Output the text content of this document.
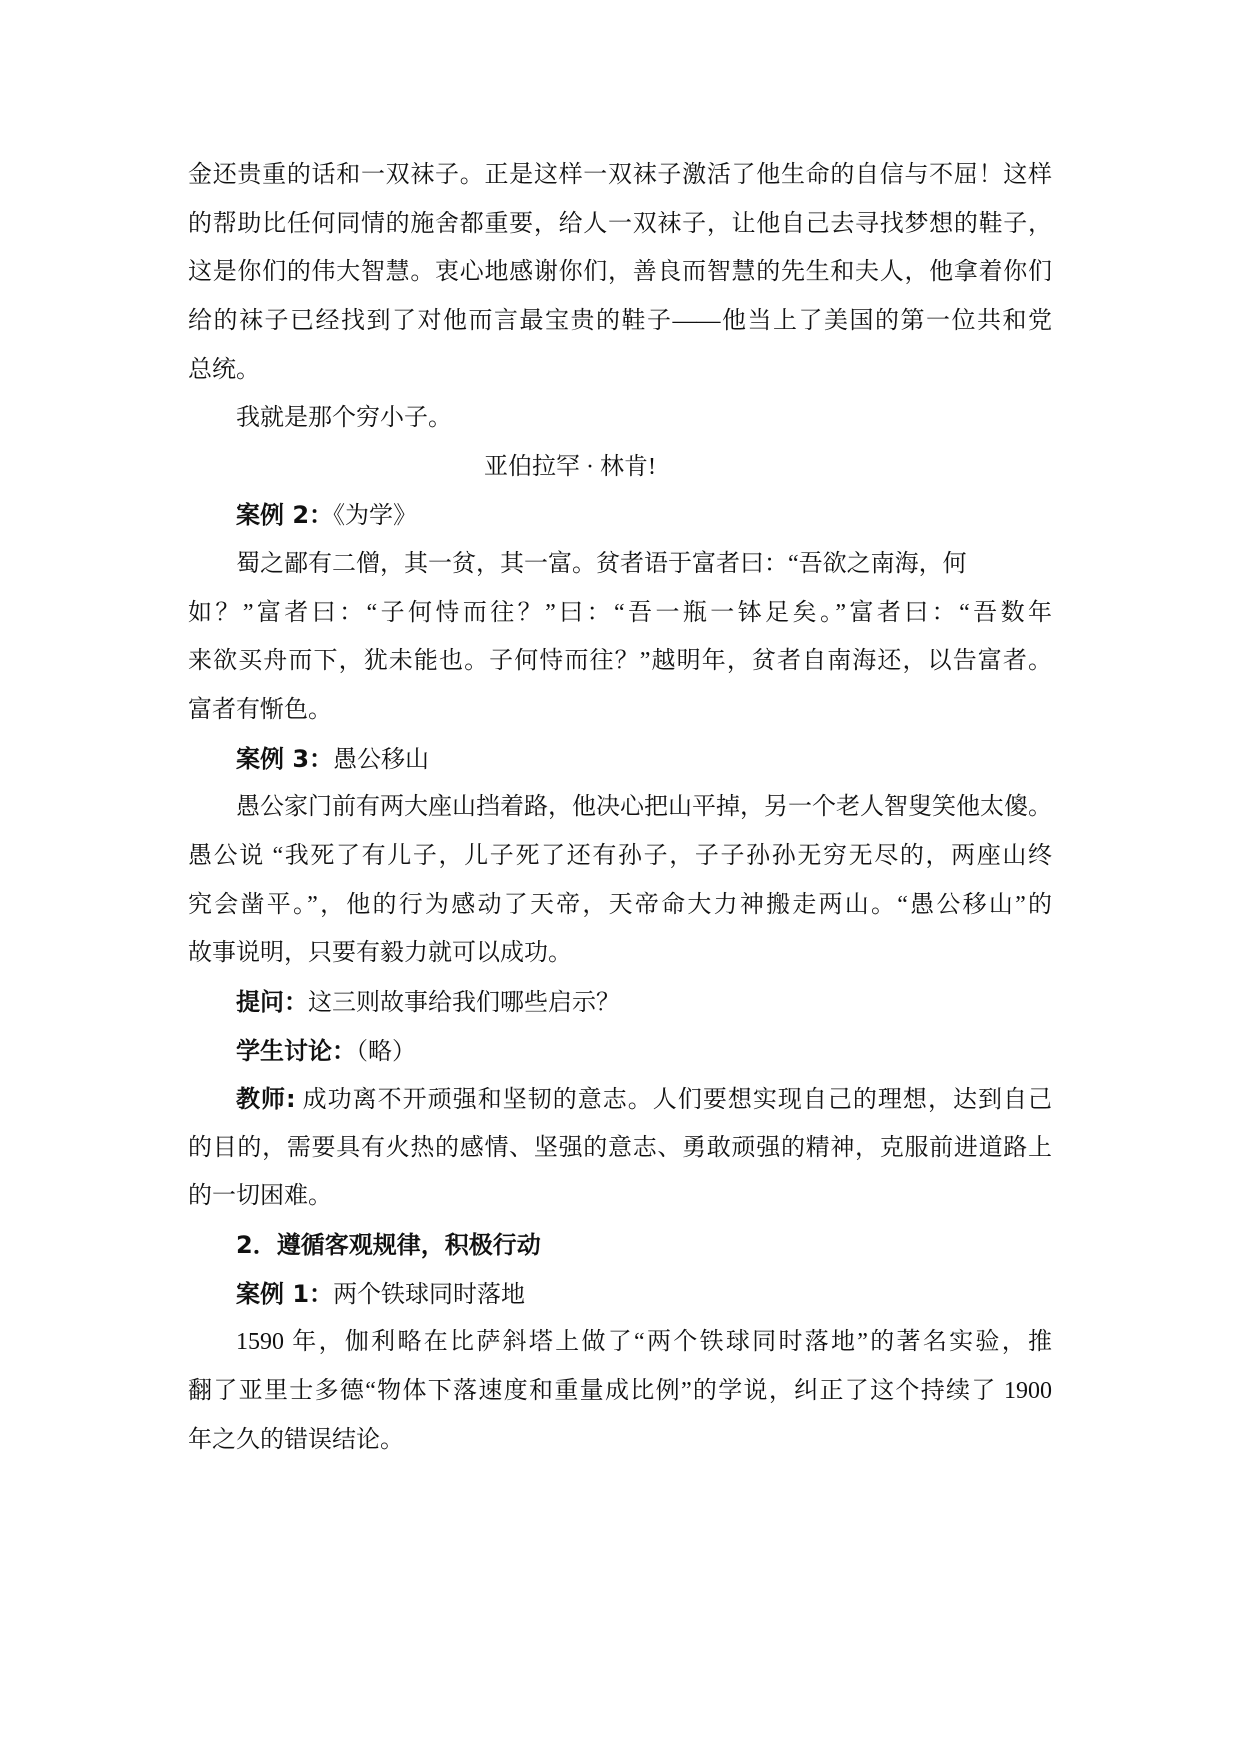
金还贵重的话和一双袜子。正是这样一双袜子激活了他生命的自信与不屈！这样
的帮助比任何同情的施舍都重要，给人一双袜子，让他自己去寻找梦想的鞋子，
这是你们的伟大智慧。衷心地感谢你们，善良而智慧的先生和夫人，他拿着你们
给的袜子已经找到了对他而言最宝贵的鞋子——他当上了美国的第一位共和党
总统。
我就是那个穷小子。
亚伯拉罕 · 林肯!
案例 2：《为学》
蜀之鄙有二僧，其一贫，其一富。贫者语于富者曰：“吾欲之南海，何
如？”富者曰：“子何恃而往？”曰：“吾一瓶一钵足矣。”富者曰：“吾数年
来欲买舟而下，犹未能也。子何恃而往？”越明年，贫者自南海还，以告富者。
富者有惭色。
案例 3：愚公移山
愚公家门前有两大座山挡着路，他决心把山平掉，另一个老人智叟笑他太傻。
愚公说 “我死了有儿子，儿子死了还有孙子，子子孙孙无穷无尽的，两座山终
究会凿平。”，他的行为感动了天帝，天帝命大力神搬走两山。“愚公移山”的
故事说明，只要有毅力就可以成功。
提问：这三则故事给我们哪些启示？
学生讨论：（略）
教师: 成功离不开顽强和坚韧的意志。人们要想实现自己的理想，达到自己
的目的，需要具有火热的感情、坚强的意志、勇敢顽强的精神，克服前进道路上
的一切困难。
2．遵循客观规律，积极行动
案例 1：两个铁球同时落地
1590 年，伽利略在比萨斜塔上做了“两个铁球同时落地”的著名实验，推
翻了亚里士多德“物体下落速度和重量成比例”的学说，纠正了这个持续了 1900
年之久的错误结论。
